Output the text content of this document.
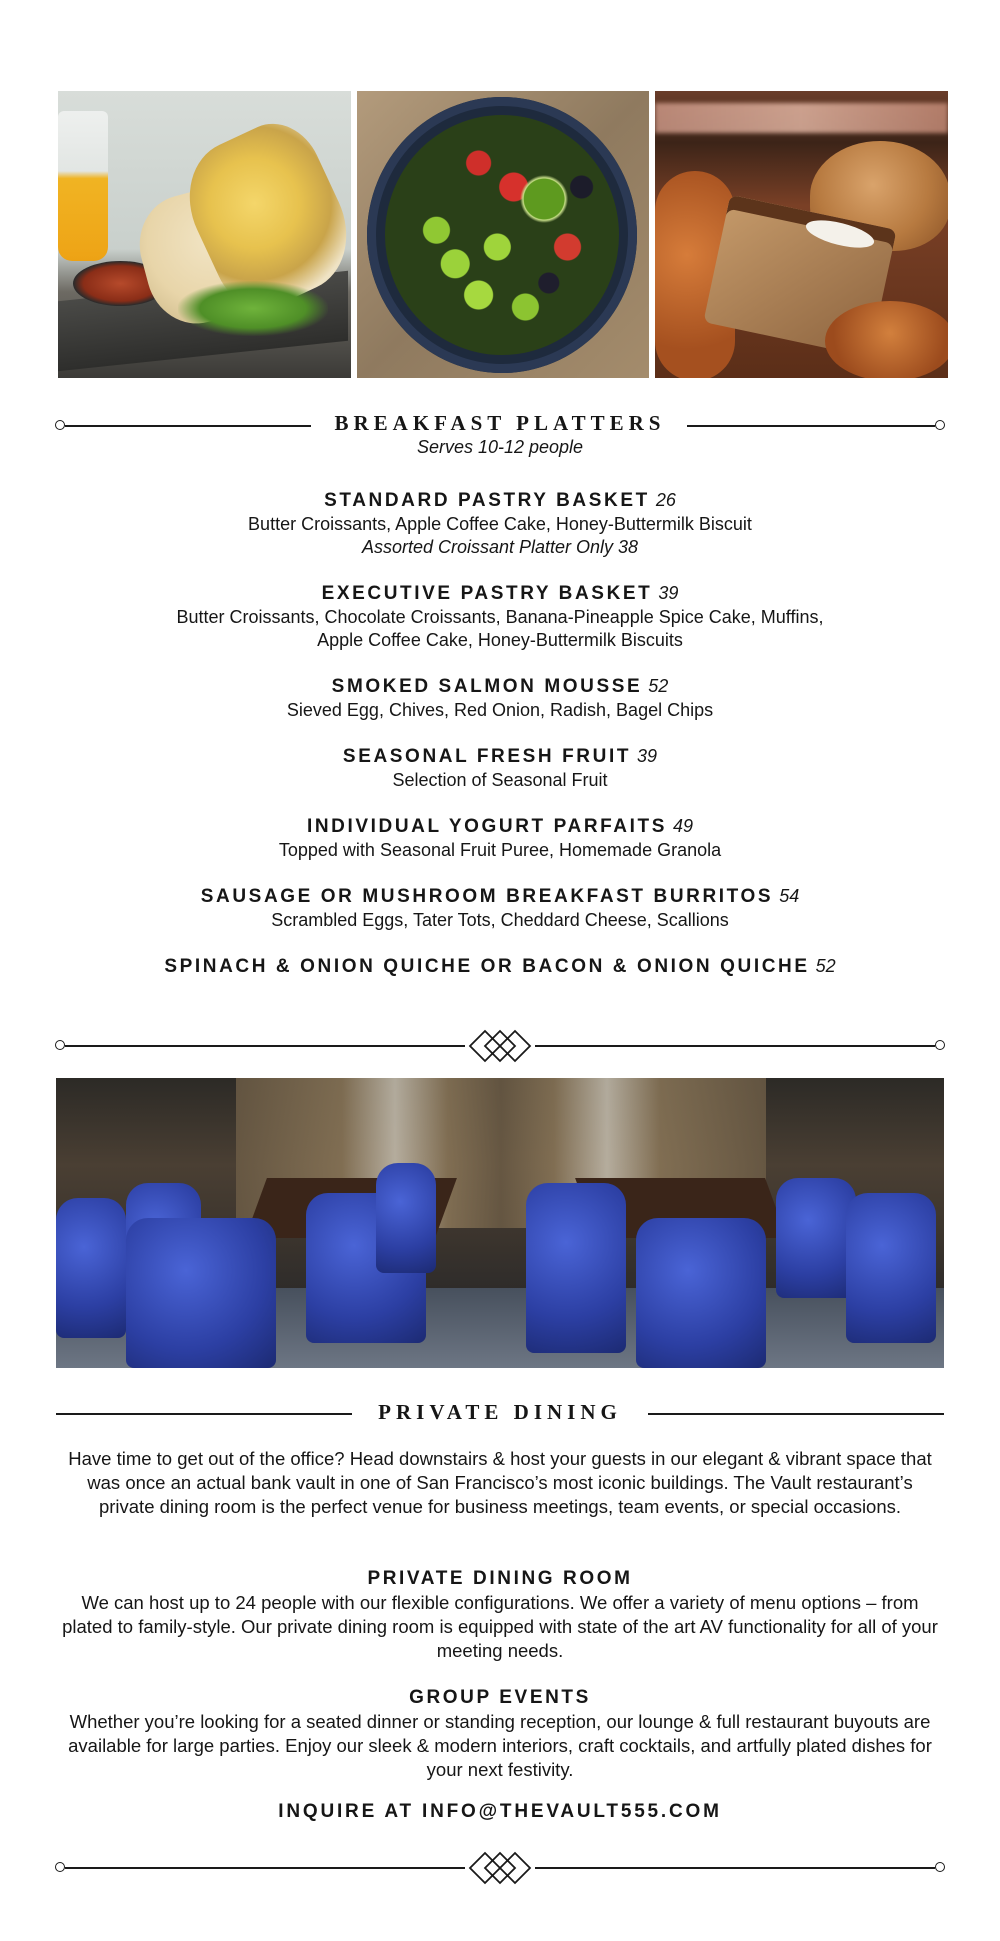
BREAKFAST PLATTERS
Serves 10-12 people
STANDARD PASTRY BASKET 26
Butter Croissants, Apple Coffee Cake, Honey-Buttermilk Biscuit
Assorted Croissant Platter Only 38
EXECUTIVE PASTRY BASKET 39
Butter Croissants, Chocolate Croissants, Banana-Pineapple Spice Cake, Muffins,
Apple Coffee Cake, Honey-Buttermilk Biscuits
SMOKED SALMON MOUSSE 52
Sieved Egg, Chives, Red Onion, Radish, Bagel Chips
SEASONAL FRESH FRUIT 39
Selection of Seasonal Fruit
INDIVIDUAL YOGURT PARFAITS 49
Topped with Seasonal Fruit Puree, Homemade Granola
SAUSAGE OR MUSHROOM BREAKFAST BURRITOS 54
Scrambled Eggs, Tater Tots, Cheddard Cheese, Scallions
SPINACH & ONION QUICHE OR BACON & ONION QUICHE 52
PRIVATE DINING
Have time to get out of the office? Head downstairs & host your guests in our elegant & vibrant space that was once an actual bank vault in one of San Francisco’s most iconic buildings. The Vault restaurant’s private dining room is the perfect venue for business meetings, team events, or special occasions.
PRIVATE DINING ROOM
We can host up to 24 people with our flexible configurations. We offer a variety of menu options – from plated to family-style. Our private dining room is equipped with state of the art AV functionality for all of your meeting needs.
GROUP EVENTS
Whether you’re looking for a seated dinner or standing reception, our lounge & full restaurant buyouts are available for large parties. Enjoy our sleek & modern interiors, craft cocktails, and artfully plated dishes for your next festivity.
INQUIRE AT INFO@THEVAULT555.COM
